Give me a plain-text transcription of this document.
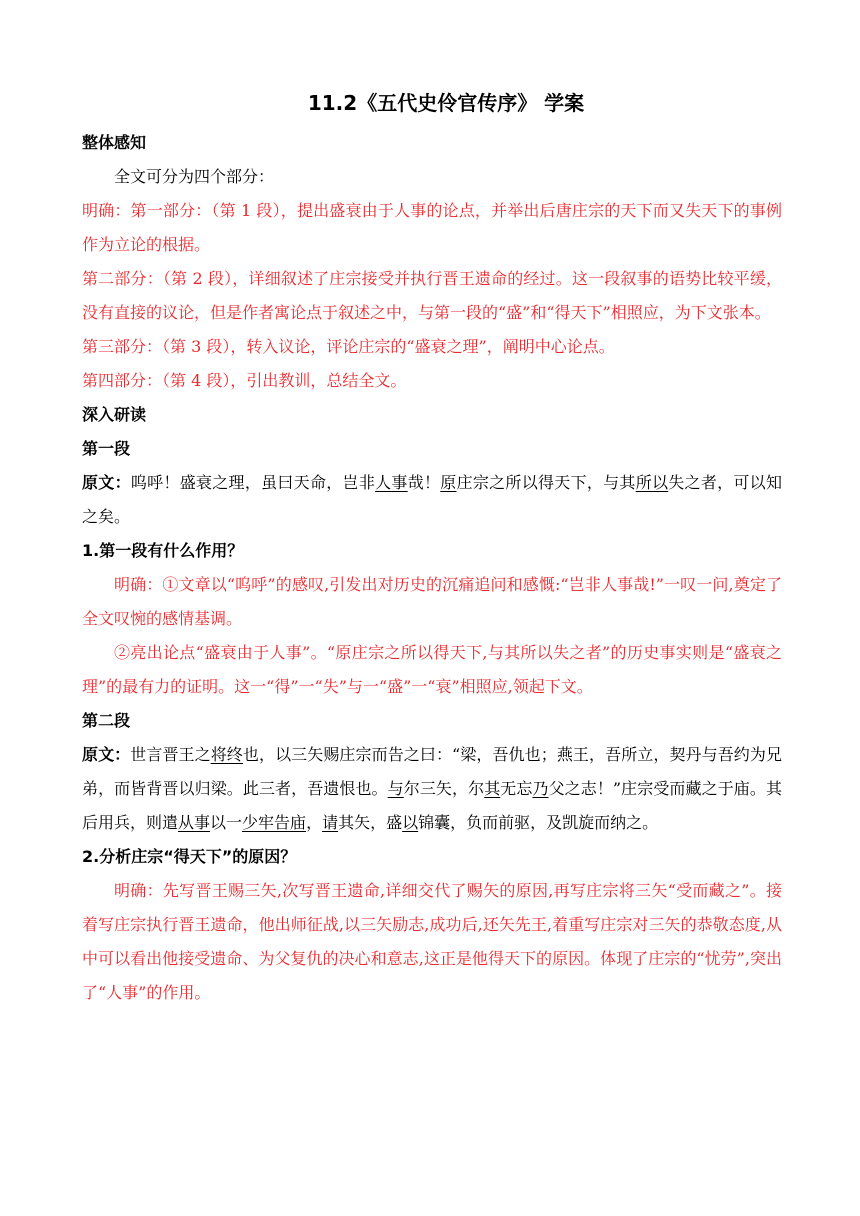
11.2《五代史伶官传序》 学案
整体感知
全文可分为四个部分：
明确：第一部分：（第 1 段），提出盛衰由于人事的论点，并举出后唐庄宗的天下而又失天下的事例作为立论的根据。
第二部分：（第 2 段），详细叙述了庄宗接受并执行晋王遗命的经过。这一段叙事的语势比较平缓，没有直接的议论，但是作者寓论点于叙述之中，与第一段的“盛”和“得天下”相照应，为下文张本。
第三部分：（第 3 段），转入议论，评论庄宗的“盛衰之理”，阐明中心论点。
第四部分：（第 4 段），引出教训，总结全文。
深入研读
第一段
原文：呜呼！盛衰之理，虽曰天命，岂非人事哉！原庄宗之所以得天下，与其所以失之者，可以知之矣。
1.第一段有什么作用？
明确：①文章以“呜呼”的感叹,引发出对历史的沉痛追问和感慨:“岂非人事哉!”一叹一问,奠定了全文叹惋的感情基调。
②亮出论点“盛衰由于人事”。“原庄宗之所以得天下,与其所以失之者”的历史事实则是“盛衰之理”的最有力的证明。这一“得”一“失”与一“盛”一“衰”相照应,领起下文。
第二段
原文：世言晋王之将终也，以三矢赐庄宗而告之曰：“梁，吾仇也；燕王，吾所立，契丹与吾约为兄弟，而皆背晋以归梁。此三者，吾遗恨也。与尔三矢，尔其无忘乃父之志！”庄宗受而藏之于庙。其后用兵，则遣从事以一少牢告庙，请其矢，盛以锦囊，负而前驱，及凯旋而纳之。
2.分析庄宗“得天下”的原因？
明确：先写晋王赐三矢,次写晋王遗命,详细交代了赐矢的原因,再写庄宗将三矢“受而藏之”。接着写庄宗执行晋王遗命，他出师征战,以三矢励志,成功后,还矢先王,着重写庄宗对三矢的恭敬态度,从中可以看出他接受遗命、为父复仇的决心和意志,这正是他得天下的原因。体现了庄宗的“忧劳”,突出了“人事”的作用。
